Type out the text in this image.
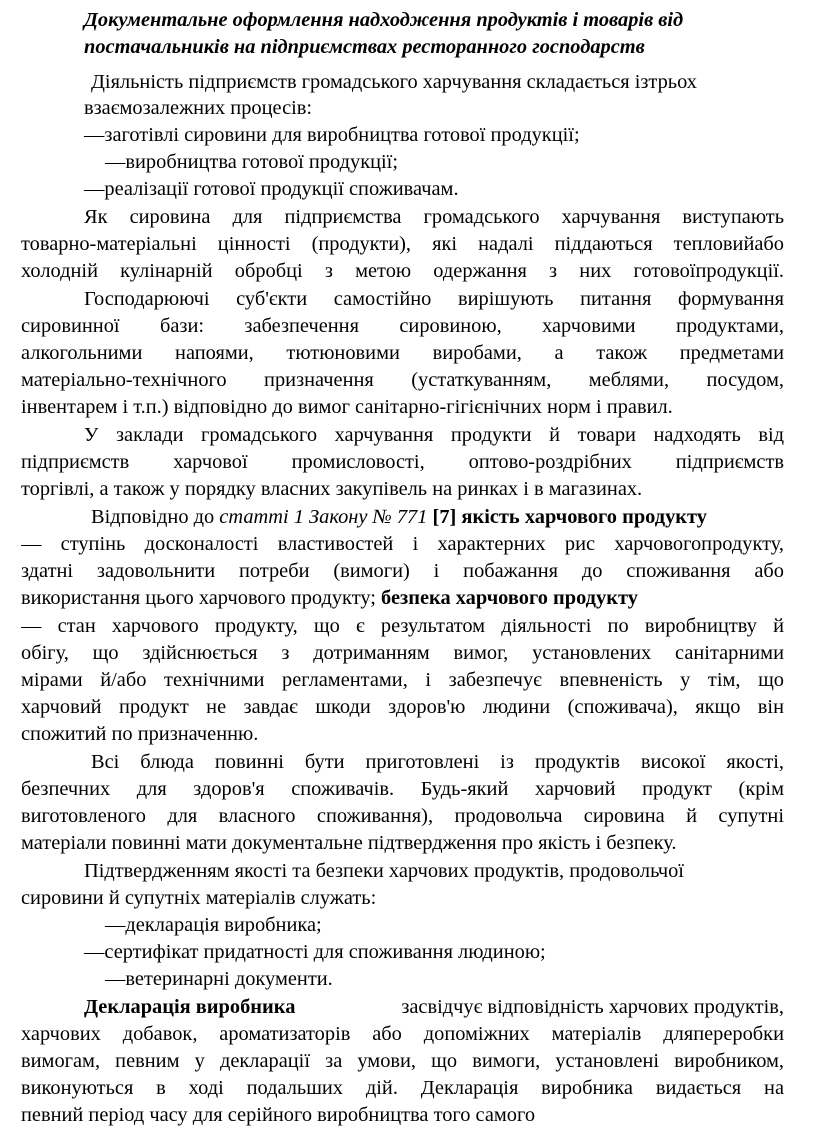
Документальне оформлення надходження продуктів і товарів від
постачальників на підприємствах ресторанного господарств
Діяльність підприємств громадського харчування складається ізтрьох
взаємозалежних процесів:
—заготівлі сировини для виробництва готової продукції;
—виробництва готової продукції;
—реалізації готової продукції споживачам.
Як сировина для підприємства громадського харчування виступають
товарно-матеріальні цінності (продукти), які надалі піддаються тепловийабо
холодній кулінарній обробці з метою одержання з них готовоїпродукції.
Господарюючі суб'єкти самостійно вирішують питання формування
сировинної бази: забезпечення сировиною, харчовими продуктами,
алкогольними напоями, тютюновими виробами, а також предметами
матеріально-технічного призначення (устаткуванням, меблями, посудом,
інвентарем і т.п.) відповідно до вимог санітарно-гігієнічних норм і правил.
У заклади громадського харчування продукти й товари надходять від
підприємств харчової промисловості, оптово-роздрібних підприємств
торгівлі, а також у порядку власних закупівель на ринках і в магазинах.
Відповідно до статті 1 Закону № 771 [7] якість харчового продукту
— ступінь досконалості властивостей і характерних рис харчовогопродукту,
здатні задовольнити потреби (вимоги) і побажання до споживання або
використання цього харчового продукту; безпека харчового продукту
— стан харчового продукту, що є результатом діяльності по виробництву й
обігу, що здійснюється з дотриманням вимог, установлених санітарними
мірами й/або технічними регламентами, і забезпечує впевненість у тім, що
харчовий продукт не завдає шкоди здоров'ю людини (споживача), якщо він
спожитий по призначенню.
Всі блюда повинні бути приготовлені із продуктів високої якості,
безпечних для здоров'я споживачів. Будь-який харчовий продукт (крім
виготовленого для власного споживання), продовольча сировина й супутні
матеріали повинні мати документальне підтвердження про якість і безпеку.
Підтвердженням якості та безпеки харчових продуктів, продовольчої
сировини й супутніх матеріалів служать:
—декларація виробника;
—сертифікат придатності для споживання людиною;
—ветеринарні документи.
Декларація виробника	засвідчує відповідність харчових продуктів,
харчових добавок, ароматизаторів або допоміжних матеріалів дляпереробки
вимогам, певним у декларації за умови, що вимоги, установлені виробником,
виконуються в ході подальших дій. Декларація виробника видається на
певний період часу для серійного виробництва того самого
